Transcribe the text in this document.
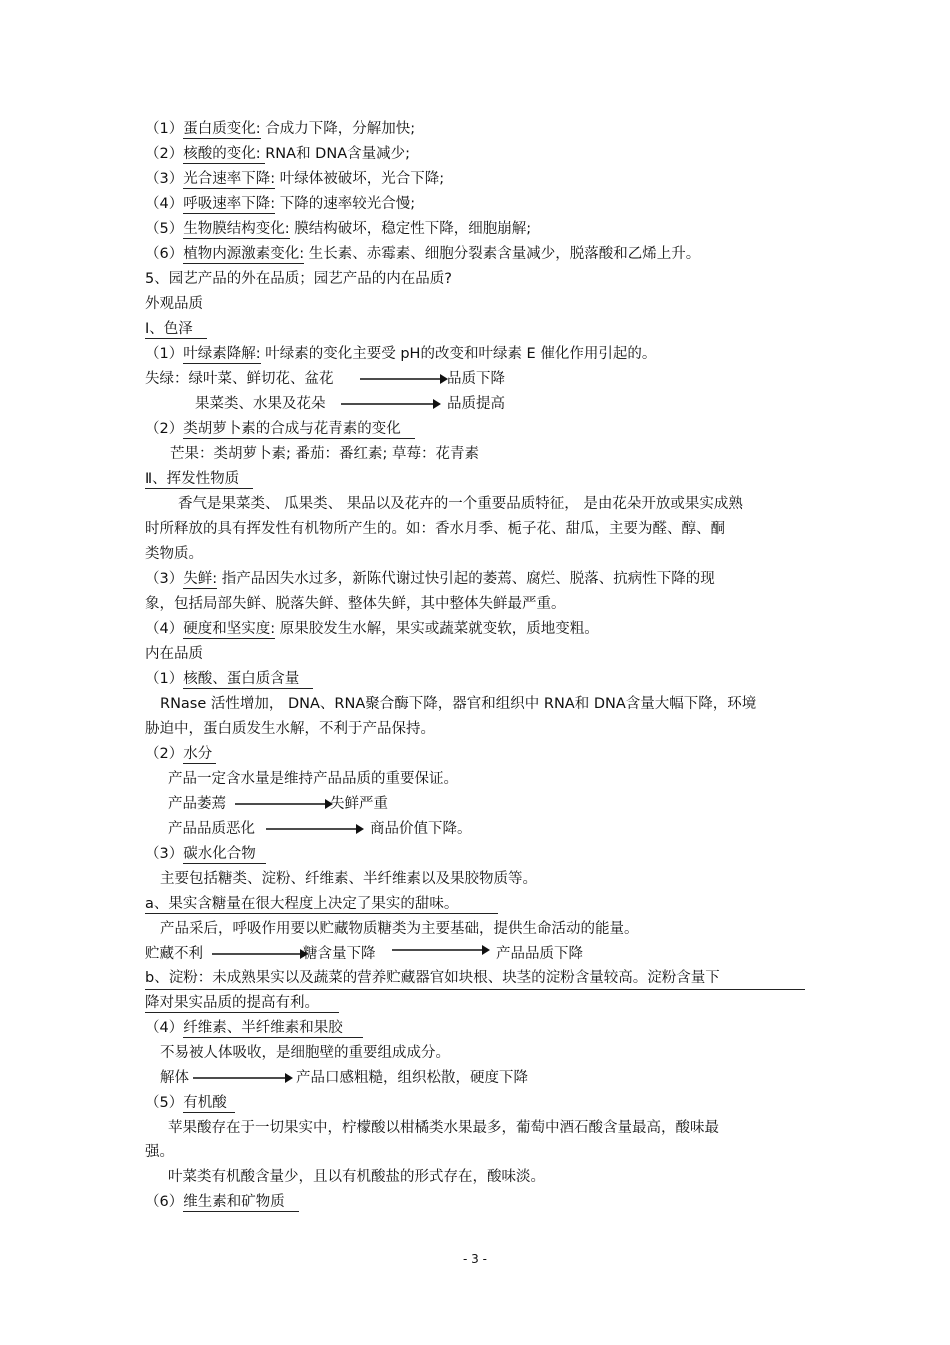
（1）蛋白质变化: 合成力下降，分解加快;
（2）核酸的变化: RNA和 DNA含量减少;
（3）光合速率下降: 叶绿体被破坏，光合下降;
（4）呼吸速率下降: 下降的速率较光合慢;
（5）生物膜结构变化: 膜结构破坏，稳定性下降，细胞崩解;
（6）植物内源激素变化: 生长素、赤霉素、细胞分裂素含量减少，脱落酸和乙烯上升。
5、园艺产品的外在品质；园艺产品的内在品质?
外观品质
Ⅰ、色泽
（1）叶绿素降解: 叶绿素的变化主要受 pH的改变和叶绿素 E 催化作用引起的。
失绿：绿叶菜、鲜切花、盆花	品质下降
果菜类、水果及花朵	品质提高
（2）类胡萝卜素的合成与花青素的变化
芒果：类胡萝卜素; 番茄：番红素; 草莓：花青素
Ⅱ、挥发性物质
香气是果菜类、 瓜果类、 果品以及花卉的一个重要品质特征， 是由花朵开放或果实成熟
时所释放的具有挥发性有机物所产生的。如：香水月季、栀子花、甜瓜，主要为醛、醇、酮
类物质。
（3）失鲜: 指产品因失水过多，新陈代谢过快引起的萎蔫、腐烂、脱落、抗病性下降的现
象，包括局部失鲜、脱落失鲜、整体失鲜，其中整体失鲜最严重。
（4）硬度和坚实度: 原果胶发生水解，果实或蔬菜就变软，质地变粗。
内在品质
（1）核酸、蛋白质含量
RNase 活性增加， DNA、RNA聚合酶下降，器官和组织中 RNA和 DNA含量大幅下降，环境
胁迫中，蛋白质发生水解，不利于产品保持。
（2）水分
产品一定含水量是维持产品品质的重要保证。
产品萎蔫	失鲜严重
产品品质恶化	商品价值下降。
（3）碳水化合物
主要包括糖类、淀粉、纤维素、半纤维素以及果胶物质等。
a、果实含糖量在很大程度上决定了果实的甜味。
产品采后，呼吸作用要以贮藏物质糖类为主要基础，提供生命活动的能量。
贮藏不利	糖含量下降	产品品质下降
b、淀粉：未成熟果实以及蔬菜的营养贮藏器官如块根、块茎的淀粉含量较高。淀粉含量下
降对果实品质的提高有利。
（4）纤维素、半纤维素和果胶
不易被人体吸收，是细胞壁的重要组成成分。
解体	产品口感粗糙，组织松散，硬度下降
（5）有机酸
苹果酸存在于一切果实中，柠檬酸以柑橘类水果最多，葡萄中酒石酸含量最高，酸味最
强。
叶菜类有机酸含量少，且以有机酸盐的形式存在，酸味淡。
（6）维生素和矿物质
- 3 -
